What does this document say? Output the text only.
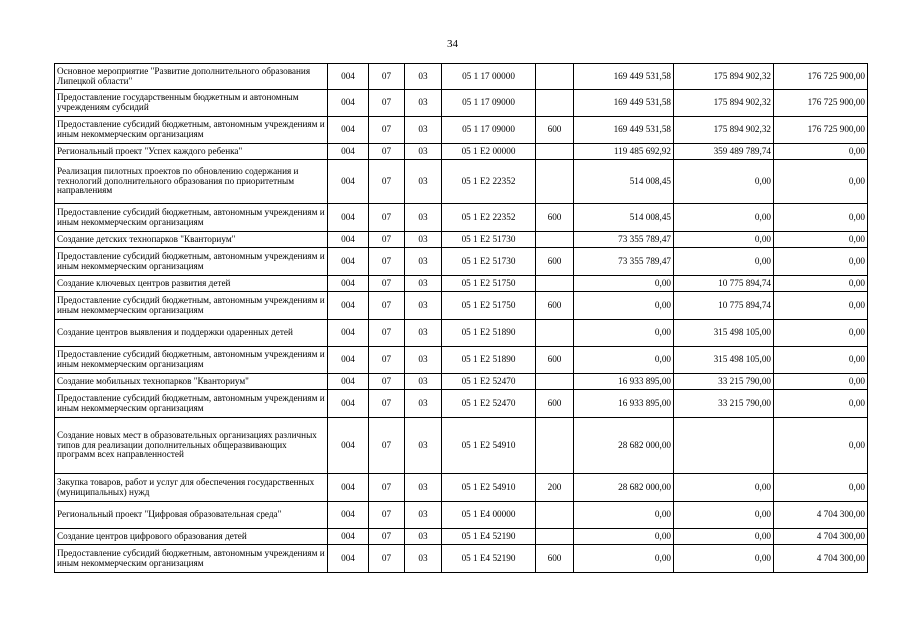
34
Основное мероприятие "Развитие дополнительного образования Липецкой области"	004	07	03	05 1 17 00000		169 449 531,58	175 894 902,32	176 725 900,00
Предоставление государственным бюджетным и автономным учреждениям субсидий	004	07	03	05 1 17 09000		169 449 531,58	175 894 902,32	176 725 900,00
Предоставление субсидий бюджетным, автономным учреждениям и иным некоммерческим организациям	004	07	03	05 1 17 09000	600	169 449 531,58	175 894 902,32	176 725 900,00
Региональный проект "Успех каждого ребенка"	004	07	03	05 1 E2 00000		119 485 692,92	359 489 789,74	0,00
Реализация пилотных проектов по обновлению содержания и технологий дополнительного образования по приоритетным направлениям	004	07	03	05 1 E2 22352		514 008,45	0,00	0,00
Предоставление субсидий бюджетным, автономным учреждениям и иным некоммерческим организациям	004	07	03	05 1 E2 22352	600	514 008,45	0,00	0,00
Создание детских технопарков "Кванториум"	004	07	03	05 1 E2 51730		73 355 789,47	0,00	0,00
Предоставление субсидий бюджетным, автономным учреждениям и иным некоммерческим организациям	004	07	03	05 1 E2 51730	600	73 355 789,47	0,00	0,00
Создание ключевых центров развития детей	004	07	03	05 1 E2 51750		0,00	10 775 894,74	0,00
Предоставление субсидий бюджетным, автономным учреждениям и иным некоммерческим организациям	004	07	03	05 1 E2 51750	600	0,00	10 775 894,74	0,00
Создание центров выявления и поддержки одаренных детей	004	07	03	05 1 E2 51890		0,00	315 498 105,00	0,00
Предоставление субсидий бюджетным, автономным учреждениям и иным некоммерческим организациям	004	07	03	05 1 E2 51890	600	0,00	315 498 105,00	0,00
Создание мобильных технопарков "Кванториум"	004	07	03	05 1 E2 52470		16 933 895,00	33 215 790,00	0,00
Предоставление субсидий бюджетным, автономным учреждениям и иным некоммерческим организациям	004	07	03	05 1 E2 52470	600	16 933 895,00	33 215 790,00	0,00
Создание новых мест в образовательных организациях различных типов для реализации дополнительных общеразвивающих программ всех направленностей	004	07	03	05 1 E2 54910		28 682 000,00		0,00
Закупка товаров, работ и услуг для обеспечения государственных (муниципальных) нужд	004	07	03	05 1 E2 54910	200	28 682 000,00	0,00	0,00
Региональный проект "Цифровая образовательная среда"	004	07	03	05 1 E4 00000		0,00	0,00	4 704 300,00
Создание центров цифрового образования детей	004	07	03	05 1 E4 52190		0,00	0,00	4 704 300,00
Предоставление субсидий бюджетным, автономным учреждениям и иным некоммерческим организациям	004	07	03	05 1 E4 52190	600	0,00	0,00	4 704 300,00
